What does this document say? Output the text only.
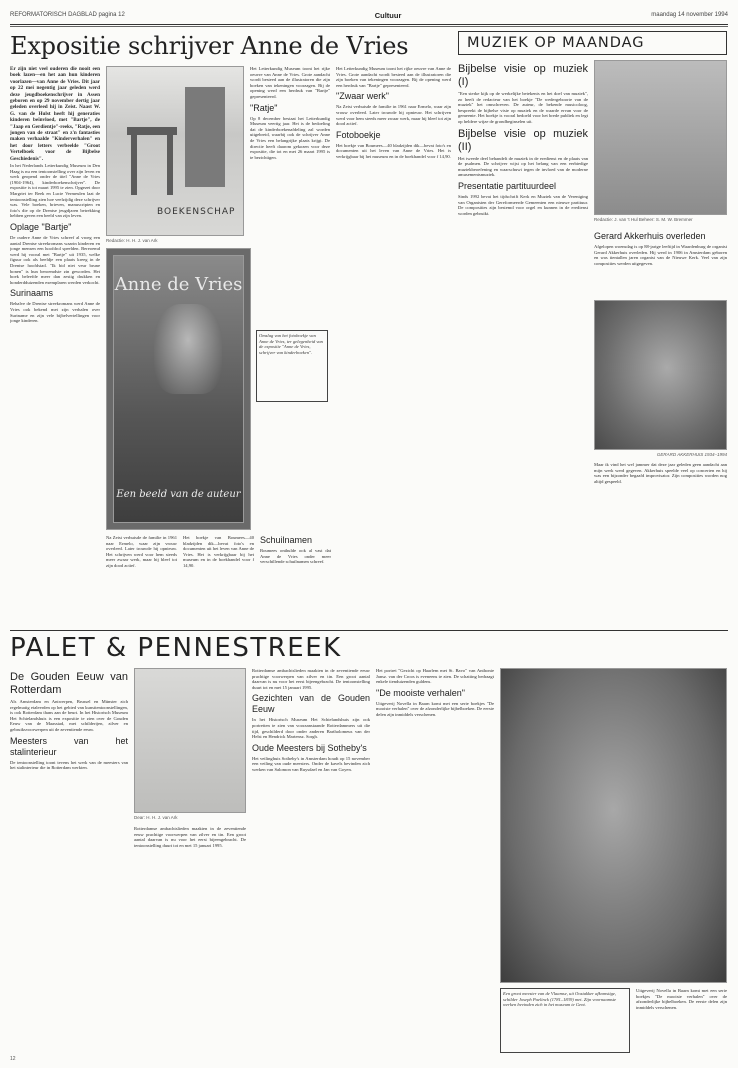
REFORMATORISCH DAGBLAD pagina 12	Cultuur	maandag 14 november 1994
Expositie schrijver Anne de Vries	MUZIEK OP MAANDAG

Er zijn niet veel ouderen die nooit een boek lazen—en het aan hun kinderen voorlazen—van Anne de Vries. Dit jaar op 22 mei negentig jaar geleden werd deze jeugdboekenschrijver in Assen geboren en op 29 november dertig jaar geleden overleed hij in Zeist. Naast W. G. van de Hulst heeft hij generaties kinderen beïnvloed, met "Bartje", de "Jaap en Gerdientje"-reeks, "Ratje, een jongen van de straat" en z'n fantasties maken verhaalde "Kinderverhalen" en het door letters verbeelde "Groot Vertelboek voor de Bijbelse Geschiedenis".

In het Nederlands Letterkundig Museum in Den Haag is nu een tentoonstelling over zijn leven en werk geopend onder de titel "Anne de Vries (1904-1964), kinderboekenschrijver". De expositie is tot maart 1995 te zien. Opgezet door Margriet ter Beek en Lucie Vermeulen laat de tentoonstelling zien hoe veelzijdig deze schrijver was. Vele boeken, brieven, manuscripten en foto's die op de Drentse jeugdjaren betrekking hebben geven een beeld van zijn leven.

Oplage "Bartje"

De oudere Anne de Vries schreef al vroeg een aantal Drentse streekromans waarin kinderen en jonge mensen een hoofdrol speelden. Bereoemd werd hij vooral met "Bartje" uit 1935, welke figuur ook als beeldje een plaats kreeg in de Drentse hoofdstad. "Ik bid niet veur brune bonen" is hun beroemdste zin geworden. Het boek beleefde meer dan zestig drukken en honderdduizenden exemplaren werden verkocht.

Surinaams

Behalve de Drentse streekromans werd Anne de Vries ook bekend met zijn verhalen over Suriname en zijn vele bijbelvertellingen voor jonge kinderen.

BOEKENSCHAP
Redactie: H. H. J. van Ark

Het Letterkundig Museum toont het rijke oeuvre van Anne de Vries. Grote aandacht wordt besteed aan de illustratoren die zijn boeken van tekeningen voorzagen. Bij de opening werd een herdruk van "Bartje" gepresenteerd.

"Ratje"

Op 8 december bestaat het Letterkundig Museum veertig jaar. Het is de bedoeling dat de kinderboekenafdeling zal worden uitgebreid, waarbij ook de schrijver Anne de Vries een belangrijke plaats krijgt. De directie heeft daarom gekozen voor deze expositie, die tot en met 26 maart 1995 is te bezichtigen.

Anne de Vries
Een beeld van de auteur
Omslag van het fotoboekje van Anne de Vries, ter gelegenheid van de expositie "Anne de Vries, schrijver van kinderboeken".

Na Zeist verhuisde de familie in 1961 naar Ermelo, waar zijn vrouw overleed. Later trouwde hij opnieuw. Het schrijven werd voor hem steeds meer zwaar werk, maar hij bleef tot zijn dood actief.

Het boekje van Boumees—40 bladzijden dik—bevat foto's en documenten uit het leven van Anne de Vries. Het is verkrijgbaar bij het museum en in de boekhandel voor f 14,90.

Schuilnamen

Boumees onthulde ook al vast dat Anne de Vries onder meer verschillende schuilnamen schreef.

Het Letterkundig Museum toont het rijke oeuvre van Anne de Vries. Grote aandacht wordt besteed aan de illustratoren die zijn boeken van tekeningen voorzagen. Bij de opening werd een herdruk van "Bartje" gepresenteerd.

"Zwaar werk"

Na Zeist verhuisde de familie in 1961 naar Ermelo, waar zijn vrouw overleed. Later trouwde hij opnieuw. Het schrijven werd voor hem steeds meer zwaar werk, maar hij bleef tot zijn dood actief.

Fotoboekje

Het boekje van Boumees—40 bladzijden dik—bevat foto's en documenten uit het leven van Anne de Vries. Het is verkrijgbaar bij het museum en in de boekhandel voor f 14,90.

Bijbelse visie op muziek (I)

"Een sterke kijk op de werkelijke betekenis en het doel van muziek", zo heeft de redacteur van het boekje "De wedergeboorte van de muziek" het omschreven. De auteur, de bekende musicoloog, bespreekt de bijbelse visie op muziek en de waarde ervan voor de gemeente. Het boekje is vooral bedoeld voor het brede publiek en legt op heldere wijze de grondbeginselen uit.

Bijbelse visie op muziek (II)

Het tweede deel behandelt de muziek in de eredienst en de plaats van de psalmen. De schrijver wijst op het belang van een eerbiedige muziekbeoefening en waarschuwt tegen de invloed van de moderne amusementsmuziek.

Presentatie partituurdeel

Sinds 1992 bevat het tijdschrift Kerk en Muziek van de Vereniging van Organisten der Gereformeerde Gemeenten een nieuwe partituur. De composities zijn bestemd voor orgel en kunnen in de eredienst worden gebruikt.

Redactie: J. van 't Hul Beheer: S. M. W. Bremmer
Gerard Akkerhuis overleden

Afgelopen woensdag is op 88-jarige leeftijd in Waardenburg de organist Gerard Akkerhuis overleden. Hij werd in 1906 in Amsterdam geboren en was tientallen jaren organist van de Nieuwe Kerk. Veel van zijn composities werden uitgegeven.

GERARD AKKERHUIS 1934–1994

Maar ik vind het wel jammer dat deze jaar geleden geen aandacht aan mijn werk werd gegeven. Akkerhuis speelde veel op concerten en hij was een bijzonder begaafd improvisator. Zijn composities worden nog altijd gespeeld.

PALET & PENNESTREEK
De Gouden Eeuw van Rotterdam

Als Amsterdam en Antwerpen, Brussel en Münster zich regelmatig etaleerden op het gebied van kunsttentoonstellingen, is ook Rotterdam thans aan de beurt. In het Historisch Museum Het Schielandshuis is een expositie te zien over de Gouden Eeuw van de Maasstad, met schilderijen, zilver en gebruiksvoorwerpen uit de zeventiende eeuw.

Meesters van het stalinterieur

De tentoonstelling toont tevens het werk van de meesters van het stalinterieur die in Rotterdam werkten.

Dear: H. H. J. van Ark

Rotterdamse ambachtslieden maakten in de zeventiende eeuw prachtige voorwerpen van zilver en tin. Een groot aantal daarvan is nu voor het eerst bijeengebracht. De tentoonstelling duurt tot en met 15 januari 1995.

Rotterdamse ambachtslieden maakten in de zeventiende eeuw prachtige voorwerpen van zilver en tin. Een groot aantal daarvan is nu voor het eerst bijeengebracht. De tentoonstelling duurt tot en met 15 januari 1995.

Gezichten van de Gouden Eeuw

In het Historisch Museum Het Schielandshuis zijn ook portretten te zien van vooraanstaande Rotterdammers uit die tijd, geschilderd door onder anderen Bartholomeus van der Helst en Hendrick Martensz. Sorgh.

Oude Meesters bij Sotheby's

Het veilinghuis Sotheby's in Amsterdam houdt op 15 november een veiling van oude meesters. Onder de kavels bevinden zich werken van Salomon van Ruysdael en Jan van Goyen.

Het portret "Gezicht op Haarlem met St. Bavo" van Anthonie Jansz. van der Croos is eveneens te zien. De schatting bedraagt enkele tienduizenden guldens.

"De mooiste verhalen"

Uitgeverij Novella in Baarn komt met een serie boekjes "De mooiste verhalen" over de afzonderlijke bijbelboeken. De eerste delen zijn inmiddels verschenen.

Een groot meester van de Vlaamse, uit Oostakker afkomstige, schilder Joseph Paelinck (1781–1839) met. Zijn voornaamste werken bevinden zich in het museum te Gent.

Uitgeverij Novella in Baarn komt met een serie boekjes "De mooiste verhalen" over de afzonderlijke bijbelboeken. De eerste delen zijn inmiddels verschenen.

12
